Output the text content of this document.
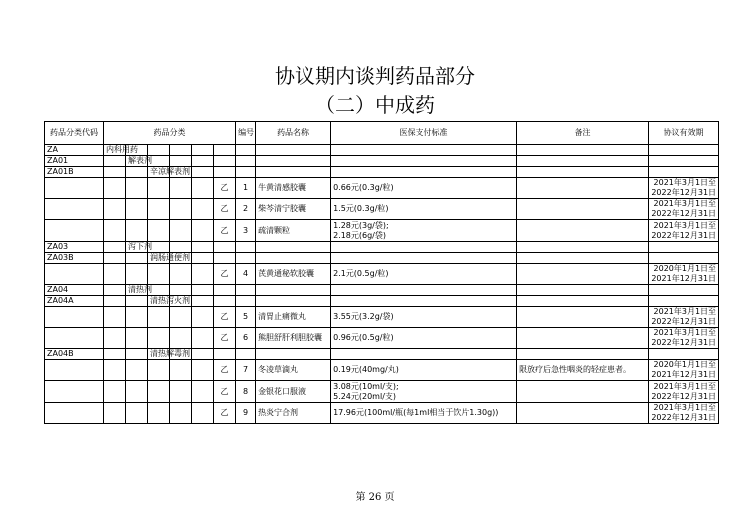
协议期内谈判药品部分
（二）中成药
药品分类代码	药品分类						编号	药品名称	医保支付标准	备注	协议有效期
ZA	内科用药										
ZA01		解表剂									
ZA01B			辛凉解表剂								
						乙	1	牛黄清感胶囊	0.66元(0.3g/粒)		2021年3月1日至
2022年12月31日

						乙	2	柴芩清宁胶囊	1.5元(0.3g/粒)		2021年3月1日至
2022年12月31日

						乙	3	疏清颗粒	1.28元(3g/袋);
2.18元(6g/袋)		2021年3月1日至
2022年12月31日

ZA03		泻下剂									
ZA03B			润肠通便剂								
						乙	4	芪黄通秘软胶囊	2.1元(0.5g/粒)		2020年1月1日至
2021年12月31日

ZA04		清热剂									
ZA04A			清热泻火剂								
						乙	5	清胃止痛微丸	3.55元(3.2g/袋)		2021年3月1日至
2022年12月31日

						乙	6	熊胆舒肝利胆胶囊	0.96元(0.5g/粒)		2021年3月1日至
2022年12月31日

ZA04B			清热解毒剂								
						乙	7	冬凌草滴丸	0.19元(40mg/丸)	限放疗后急性咽炎的轻症患者。	2020年1月1日至
2021年12月31日

						乙	8	金银花口服液	3.08元(10ml/支);
5.24元(20ml/支)		2021年3月1日至
2022年12月31日

						乙	9	热炎宁合剂	17.96元(100ml/瓶(每1ml相当于饮片1.30g))		2021年3月1日至
2022年12月31日
第 26 页
